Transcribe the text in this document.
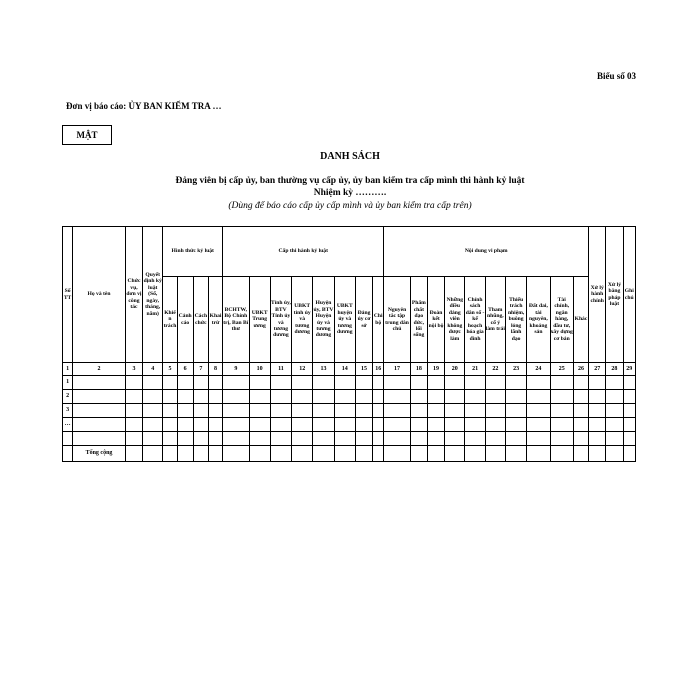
Biểu số 03
Đơn vị báo cáo: ỦY BAN KIỂM TRA …
MẬT
DANH SÁCH
Đảng viên bị cấp ủy, ban thường vụ cấp ủy, ủy ban kiểm tra cấp mình thi hành kỷ luật
Nhiệm kỳ ……….
(Dùng để báo cáo cấp ủy cấp mình và ủy ban kiểm tra cấp trên)
Số TT	Họ và tên	Chức vụ, đơn vị công tác	Quyết định kỷ luật (Số, ngày, tháng, năm)	Hình thức kỷ luật				Cấp thi hành kỷ luật								Nội dung vi phạm										Xử lý hành chính	Xử lý bằng pháp luật	Ghi chú
				Khiển trách	Cảnh cáo	Cách chức	Khai trừ	BCHTW, Bộ Chính trị, Ban Bí thư	UBKT Trung ương	Tỉnh ủy, BTV Tỉnh ủy và tương đương	UBKT tỉnh ủy và tương đương	Huyện ủy, BTV Huyện ủy và tương đương	UBKT huyện ủy và tương đương	Đảng ủy cơ sở	Chi bộ	Nguyên tắc tập trung dân chủ	Phẩm chất đạo đức, lối sống	Đoàn kết nội bộ	Những điều đảng viên không được làm	Chính sách dân số - kế hoạch hóa gia đình	Tham nhũng, cố ý làm trái	Thiếu trách nhiệm, buông lỏng lãnh đạo	Đất đai, tài nguyên, khoáng sản	Tài chính, ngân hàng, đầu tư, xây dựng cơ bản	Khác			
1	2	3	4	5	6	7	8	9	10	11	12	13	14	15	16	17	18	19	20	21	22	23	24	25	26	27	28	29
1																												
2																												
3																												
…																												

	Tổng cộng																											
